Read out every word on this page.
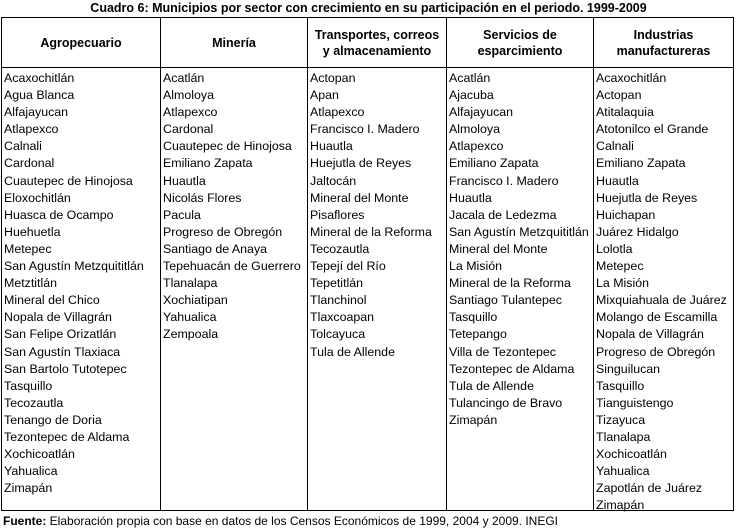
Cuadro 6: Municipios por sector con crecimiento en su participación en el periodo. 1999-2009
Agropecuario	Minería
Transportes, correos y almacenamiento
Servicios de esparcimiento
Industrias manufactureras
Acaxochitlán
Agua Blanca
Alfajayucan
Atlapexco
Calnali
Cardonal
Cuautepec de Hinojosa
Eloxochitlán
Huasca de Ocampo
Huehuetla
Metepec
San Agustín Metzquititlán
Metztitlán
Mineral del Chico
Nopala de Villagrán
San Felipe Orizatlán
San Agustín Tlaxiaca
San Bartolo Tutotepec
Tasquillo
Tecozautla
Tenango de Doria
Tezontepec de Aldama
Xochicoatlán
Yahualica
Zimapán
Acatlán
Almoloya
Atlapexco
Cardonal
Cuautepec de Hinojosa
Emiliano Zapata
Huautla
Nicolás Flores
Pacula
Progreso de Obregón
Santiago de Anaya
Tepehuacán de Guerrero
Tlanalapa
Xochiatipan
Yahualica
Zempoala
Actopan
Apan
Atlapexco
Francisco I. Madero
Huautla
Huejutla de Reyes
Jaltocán
Mineral del Monte
Pisaflores
Mineral de la Reforma
Tecozautla
Tepejí del Río
Tepetitlán
Tlanchinol
Tlaxcoapan
Tolcayuca
Tula de Allende
Acatlán
Ajacuba
Alfajayucan
Almoloya
Atlapexco
Emiliano Zapata
Francisco I. Madero
Huautla
Jacala de Ledezma
San Agustín Metzquititlán
Mineral del Monte
La Misión
Mineral de la Reforma
Santiago Tulantepec
Tasquillo
Tetepango
Villa de Tezontepec
Tezontepec de Aldama
Tula de Allende
Tulancingo de Bravo
Zimapán
Acaxochitlán
Actopan
Atitalaquia
Atotonilco el Grande
Calnali
Emiliano Zapata
Huautla
Huejutla de Reyes
Huichapan
Juárez Hidalgo
Lolotla
Metepec
La Misión
Mixquiahuala de Juárez
Molango de Escamilla
Nopala de Villagrán
Progreso de Obregón
Singuilucan
Tasquillo
Tianguistengo
Tizayuca
Tlanalapa
Xochicoatlán
Yahualica
Zapotlán de Juárez
Zimapán
Fuente: Elaboración propia con base en datos de los Censos Económicos de 1999, 2004 y 2009. INEGI
